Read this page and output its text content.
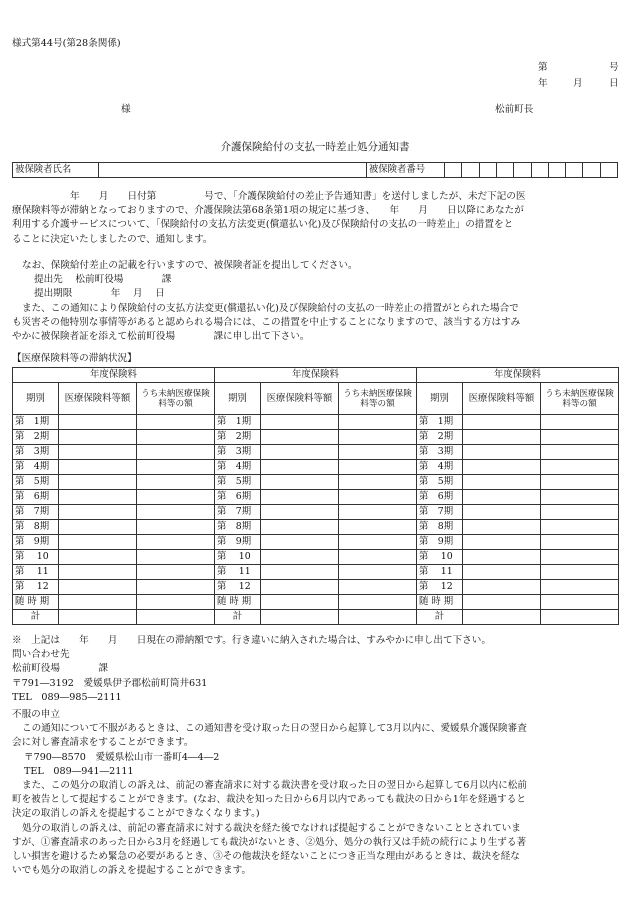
様式第44号(第28条関係)
第	号
年	月	日
様	松前町長
介護保険給付の支払一時差止処分通知書
被保険者氏名		被保険者番号										
年　　月　　日付第　　　　　号で、「介護保険給付の差止予告通知書」を送付しましたが、未だ下記の医
療保険料等が滞納となっておりますので、介護保険法第68条第1項の規定に基づき、　　年　　月　　日以降にあなたが
利用する介護サービスについて、「保険給付の支払方法変更(償還払い化)及び保険給付の支払の一時差止」の措置をと
ることに決定いたしましたので、通知します。
なお、保険給付差止の記載を行いますので、被保険者証を提出してください。
提出先　 松前町役場　　　　課
提出期限　　　　年　 月　 日
また、この通知により保険給付の支払方法変更(償還払い化)及び保険給付の支払の一時差止の措置がとられた場合で
も災害その他特別な事情等があると認められる場合には、この措置を中止することになりますので、該当する方はすみ
やかに被保険者証を添えて松前町役場　　　　課に申し出て下さい。
【医療保険料等の滞納状況】
年度保険料			年度保険料			年度保険料		
期別	医療保険料等額	うち未納医療保険料等の額	期別	医療保険料等額	うち未納医療保険料等の額	期別	医療保険料等額	うち未納医療保険料等の額
第　1期			第　1期			第　1期		
第　2期			第　2期			第　2期		
第　3期			第　3期			第　3期		
第　4期			第　4期			第　4期		
第　5期			第　5期			第　5期		
第　6期			第　6期			第　6期		
第　7期			第　7期			第　7期		
第　8期			第　8期			第　8期		
第　9期			第　9期			第　9期		
第　 10			第　 10			第　 10		
第　 11			第　 11			第　 11		
第　 12			第　 12			第　 12		
随 時 期			随 時 期			随 時 期		
計			計			計		
※　上記は　　年　　月　　日現在の滞納額です。行き違いに納入された場合は、すみやかに申し出て下さい。
問い合わせ先
松前町役場　　　　課
〒791―3192　愛媛県伊予郡松前町筒井631
TEL　089―985―2111
不服の申立
この通知について不服があるときは、この通知書を受け取った日の翌日から起算して3月以内に、愛媛県介護保険審査
会に対し審査請求をすることができます。
〒790―8570　愛媛県松山市一番町4―4―2
TEL　089―941―2111
また、この処分の取消しの訴えは、前記の審査請求に対する裁決書を受け取った日の翌日から起算して6月以内に松前
町を被告として提起することができます。(なお、裁決を知った日から6月以内であっても裁決の日から1年を経過すると
決定の取消しの訴えを提起することができなくなります。)
処分の取消しの訴えは、前記の審査請求に対する裁決を経た後でなければ提起することができないこととされていま
すが、①審査請求のあった日から3月を経過しても裁決がないとき、②処分、処分の執行又は手続の続行により生ずる著
しい損害を避けるため緊急の必要があるとき、③その他裁決を経ないことにつき正当な理由があるときは、裁決を経な
いでも処分の取消しの訴えを提起することができます。
